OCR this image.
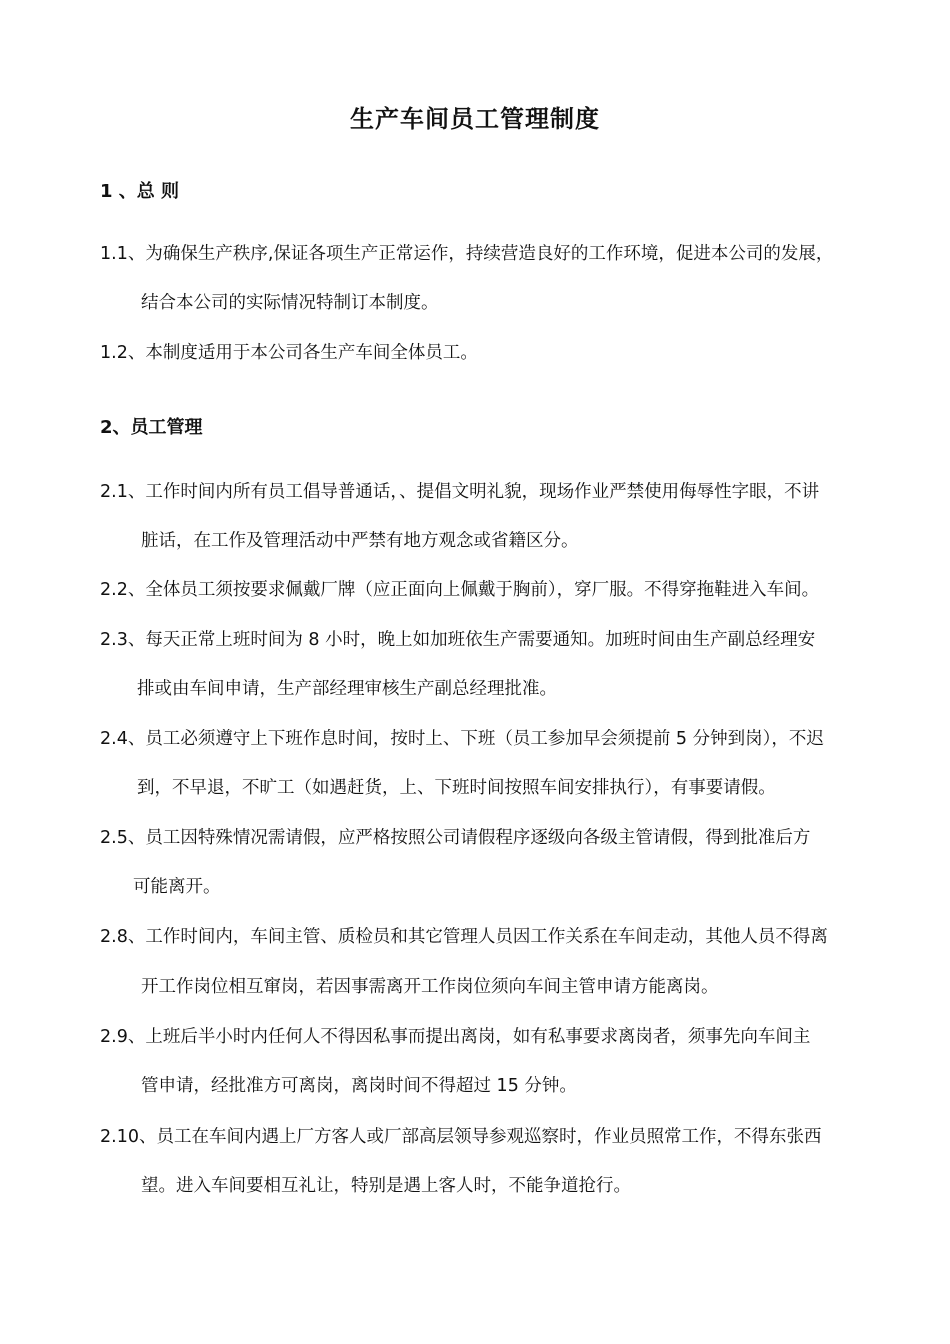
生产车间员工管理制度
1 、总 则
1.1、为确保生产秩序,保证各项生产正常运作，持续营造良好的工作环境，促进本公司的发展，
结合本公司的实际情况特制订本制度。
1.2、本制度适用于本公司各生产车间全体员工。
2、员工管理
2.1、工作时间内所有员工倡导普通话，、提倡文明礼貌，现场作业严禁使用侮辱性字眼，不讲
脏话，在工作及管理活动中严禁有地方观念或省籍区分。
2.2、全体员工须按要求佩戴厂牌（应正面向上佩戴于胸前），穿厂服。不得穿拖鞋进入车间。
2.3、每天正常上班时间为 8 小时，晚上如加班依生产需要通知。加班时间由生产副总经理安
排或由车间申请，生产部经理审核生产副总经理批准。
2.4、员工必须遵守上下班作息时间，按时上、下班（员工参加早会须提前 5 分钟到岗），不迟
到，不早退，不旷工（如遇赶货，上、下班时间按照车间安排执行），有事要请假。
2.5、员工因特殊情况需请假，应严格按照公司请假程序逐级向各级主管请假，得到批准后方
可能离开。
2.8、工作时间内，车间主管、质检员和其它管理人员因工作关系在车间走动，其他人员不得离
开工作岗位相互窜岗，若因事需离开工作岗位须向车间主管申请方能离岗。
2.9、上班后半小时内任何人不得因私事而提出离岗，如有私事要求离岗者，须事先向车间主
管申请，经批准方可离岗，离岗时间不得超过 15 分钟。
2.10、员工在车间内遇上厂方客人或厂部高层领导参观巡察时，作业员照常工作，不得东张西
望。进入车间要相互礼让，特别是遇上客人时，不能争道抢行。
